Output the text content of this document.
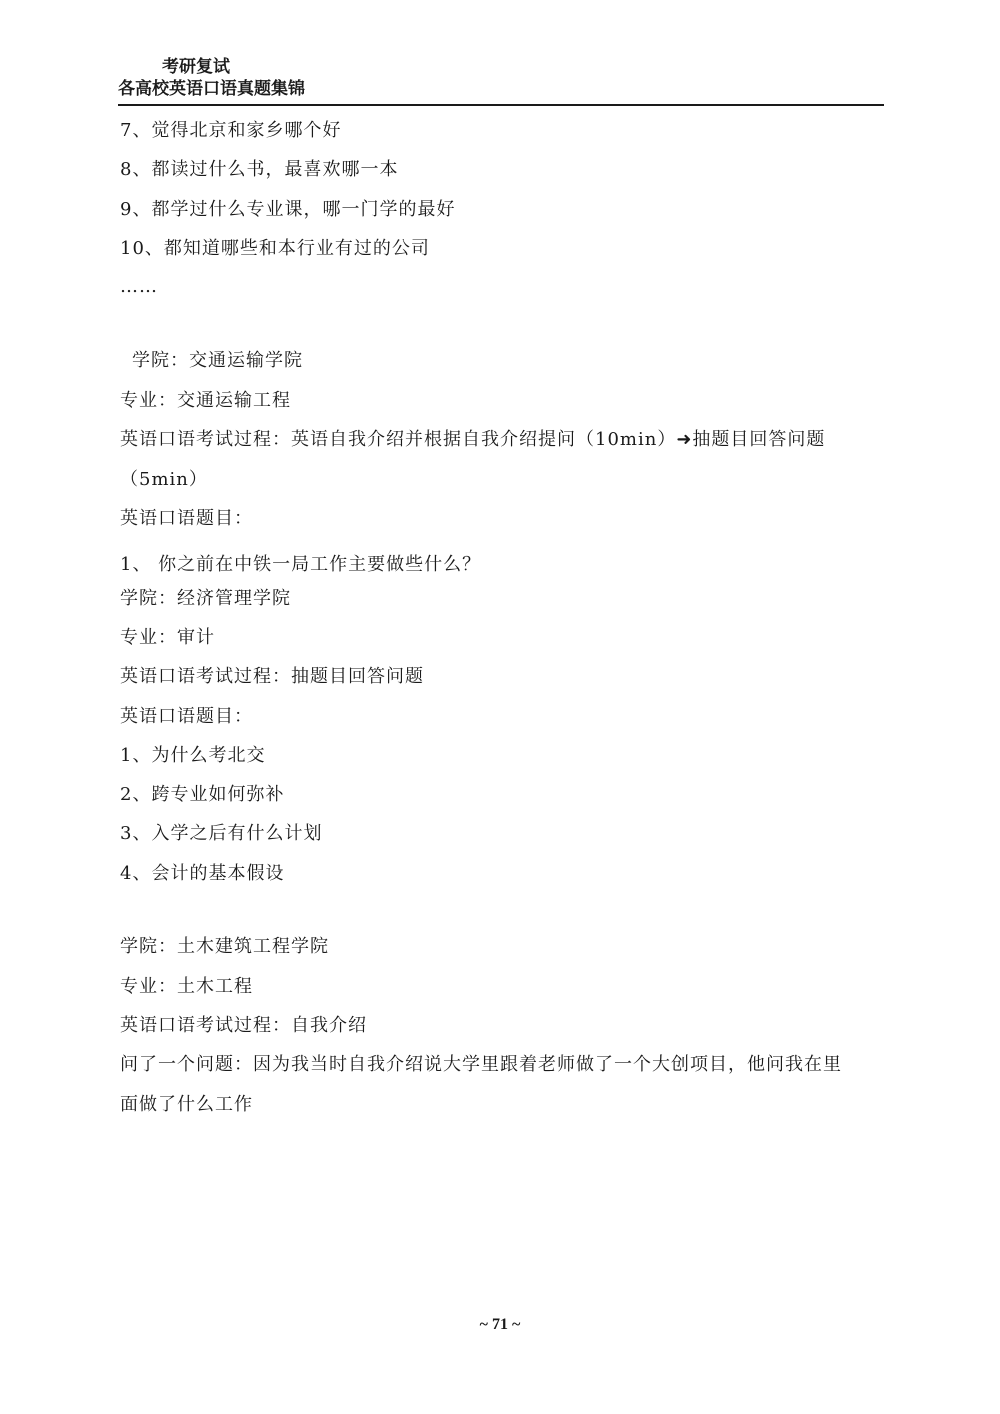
考研复试
各高校英语口语真题集锦
7、觉得北京和家乡哪个好
8、都读过什么书，最喜欢哪一本
9、都学过什么专业课，哪一门学的最好
10、都知道哪些和本行业有过的公司
……
学院：交通运输学院
专业：交通运输工程
英语口语考试过程：英语自我介绍并根据自我介绍提问（10min）➜抽题目回答问题
（5min）
英语口语题目：
1、 你之前在中铁一局工作主要做些什么？
学院：经济管理学院
专业：审计
英语口语考试过程：抽题目回答问题
英语口语题目：
1、为什么考北交
2、跨专业如何弥补
3、入学之后有什么计划
4、会计的基本假设
学院：土木建筑工程学院
专业：土木工程
英语口语考试过程：自我介绍
问了一个问题：因为我当时自我介绍说大学里跟着老师做了一个大创项目，他问我在里
面做了什么工作
~ 71 ~
